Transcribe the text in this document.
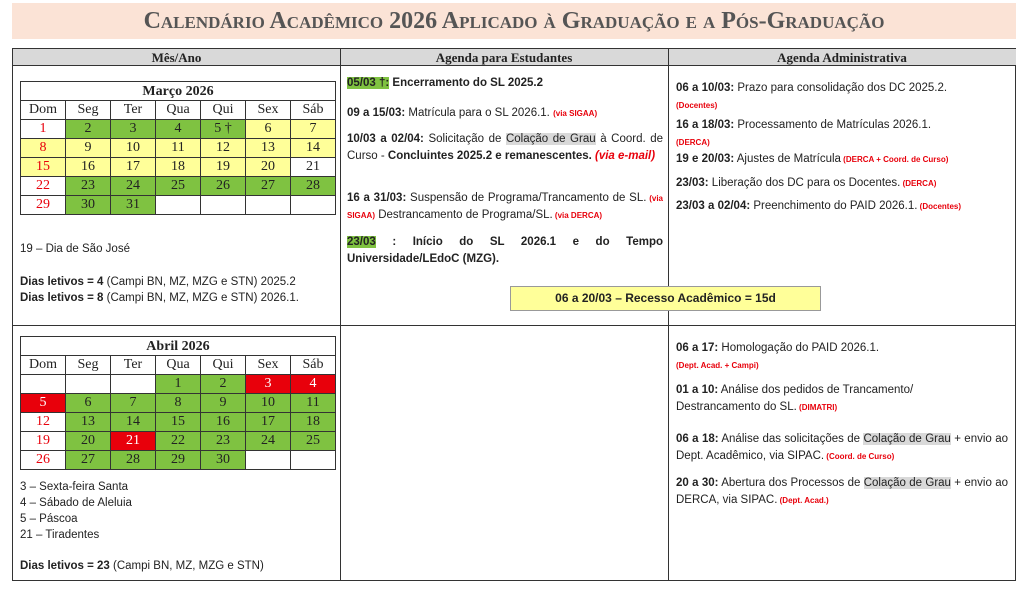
Calendário Acadêmico 2026 Aplicado à Graduação e a Pós-Graduação
Mês/Ano	Agenda para Estudantes	Agenda Administrativa
Março 2026
Dom	Seg	Ter	Qua	Qui	Sex	Sáb
1	2	3	4	5 †	6	7
8	9	10	11	12	13	14
15	16	17	18	19	20	21
22	23	24	25	26	27	28
29	30	31				
19 – Dia de São José
Dias letivos = 4 (Campi BN, MZ, MZG e STN) 2025.2
Dias letivos = 8 (Campi BN, MZ, MZG e STN) 2026.1.
Abril 2026
Dom	Seg	Ter	Qua	Qui	Sex	Sáb
			1	2	3	4
5	6	7	8	9	10	11
12	13	14	15	16	17	18
19	20	21	22	23	24	25
26	27	28	29	30		
3 – Sexta-feira Santa
4 – Sábado de Aleluia
5 – Páscoa
21 – Tiradentes
Dias letivos = 23 (Campi BN, MZ, MZG e STN)
05/03 †: Encerramento do SL 2025.2
09 a 15/03: Matrícula para o SL 2026.1. (via SIGAA)
10/03 a 02/04: Solicitação de Colação de Grau à Coord. de Curso - Concluintes 2025.2 e remanescentes. (via e-mail)
16 a 31/03: Suspensão de Programa/Trancamento de SL. (via SIGAA) Destrancamento de Programa/SL. (via DERCA)
23/03 : Início do SL 2026.1 e do Tempo Universidade/LEdoC (MZG).
06 a 20/03 – Recesso Acadêmico = 15d
06 a 10/03: Prazo para consolidação dos DC 2025.2.
(Docentes)
16 a 18/03: Processamento de Matrículas 2026.1.
(DERCA)
19 e 20/03: Ajustes de Matrícula (DERCA + Coord. de Curso)
23/03: Liberação dos DC para os Docentes. (DERCA)
23/03 a 02/04: Preenchimento do PAID 2026.1. (Docentes)
06 a 17: Homologação do PAID 2026.1.
(Dept. Acad. + Campi)
01 a 10: Análise dos pedidos de Trancamento/ Destrancamento do SL. (DIMATRI)
06 a 18: Análise das solicitações de Colação de Grau + envio ao Dept. Acadêmico, via SIPAC. (Coord. de Curso)
20 a 30: Abertura dos Processos de Colação de Grau + envio ao DERCA, via SIPAC. (Dept. Acad.)
